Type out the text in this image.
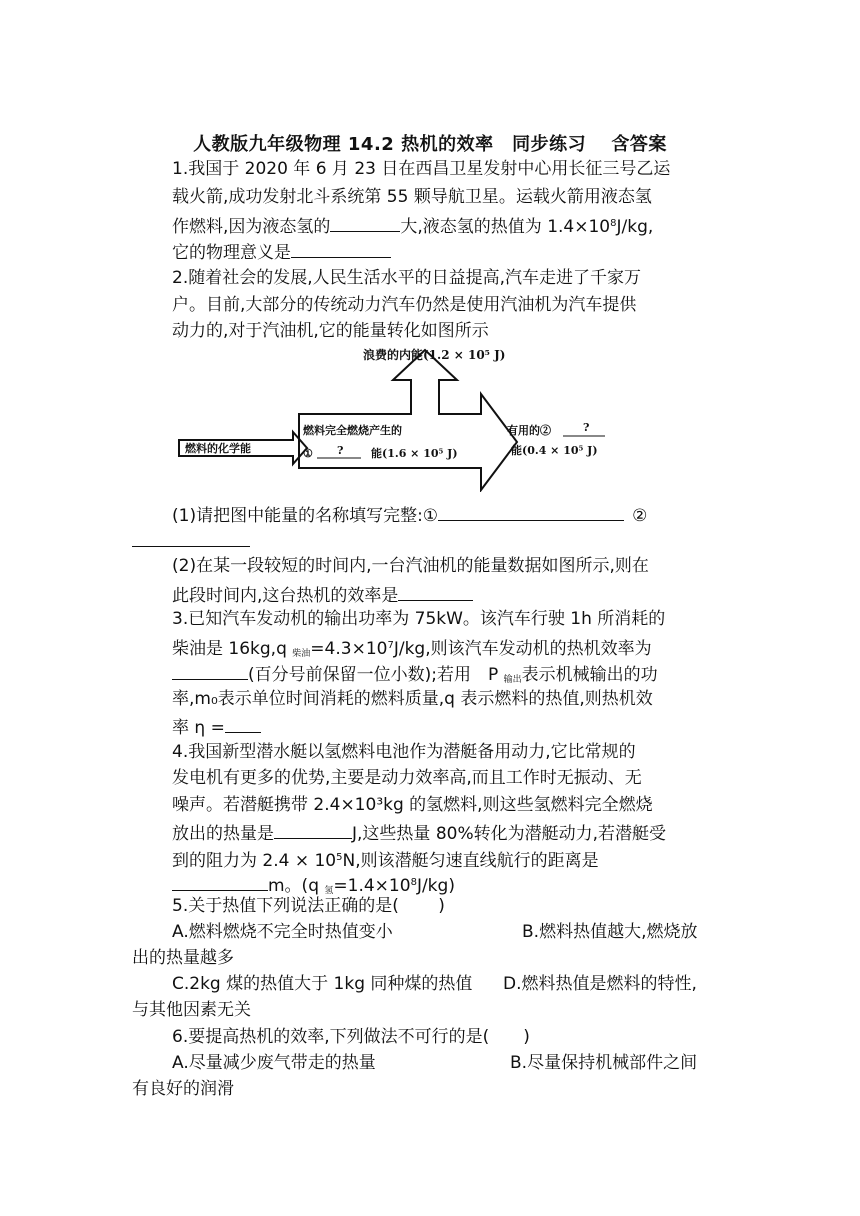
人教版九年级物理 14.2 热机的效率　同步练习　 含答案
1.我国于 2020 年 6 月 23 日在西昌卫星发射中心用长征三号乙运
载火箭,成功发射北斗系统第 55 颗导航卫星。运载火箭用液态氢
作燃料,因为液态氢的	大,液态氢的热值为 $1.4\times 10^8J/kg$,
它的物理意义是
2.随着社会的发展,人民生活水平的日益提高,汽车走进了千家万
户。目前,大部分的传统动力汽车仍然是使用汽油机为汽车提供
动力的,对于汽油机,它的能量转化如图所示
浪费的内能(1.2 × 10⁵ J)
燃料的化学能
燃料完全燃烧产生的
① ?	能(1.6 × 10⁵ J)
有用的②	?
能(0.4 × 10⁵ J)
(1)请把图中能量的名称填写完整:①	②
(2)在某一段较短的时间内,一台汽油机的能量数据如图所示,则在
此段时间内,这台热机的效率是
3.已知汽车发动机的输出功率为 75kW。该汽车行驶 1h 所消耗的
柴油是 16kg,q $_{柴油}=4.3\times 10^7J/kg$,则该汽车发动机的热机效率为
(百分号前保留一位小数);若用　P $_{输出}$表示机械输出的功
率,m₀表示单位时间消耗的燃料质量,q 表示燃料的热值,则热机效
率 η =
4.我国新型潜水艇以氢燃料电池作为潜艇备用动力,它比常规的
发电机有更多的优势,主要是动力效率高,而且工作时无振动、无
噪声。若潜艇携带 2.4×10³kg 的氢燃料,则这些氢燃料完全燃烧
放出的热量是	J,这些热量 80%转化为潜艇动力,若潜艇受
到的阻力为 $2.4 \times 10^5N$,则该潜艇匀速直线航行的距离是
m。(q $_氢=1.4\times 10^8J/kg$)
5.关于热值下列说法正确的是(　　 )
A.燃料燃烧不完全时热值变小	B.燃料热值越大,燃烧放
出的热量越多
C.2kg 煤的热值大于 1kg 同种煤的热值 D.燃料热值是燃料的特性,
与其他因素无关
6.要提高热机的效率,下列做法不可行的是(　　)
A.尽量减少废气带走的热量	B.尽量保持机械部件之间
有良好的润滑
